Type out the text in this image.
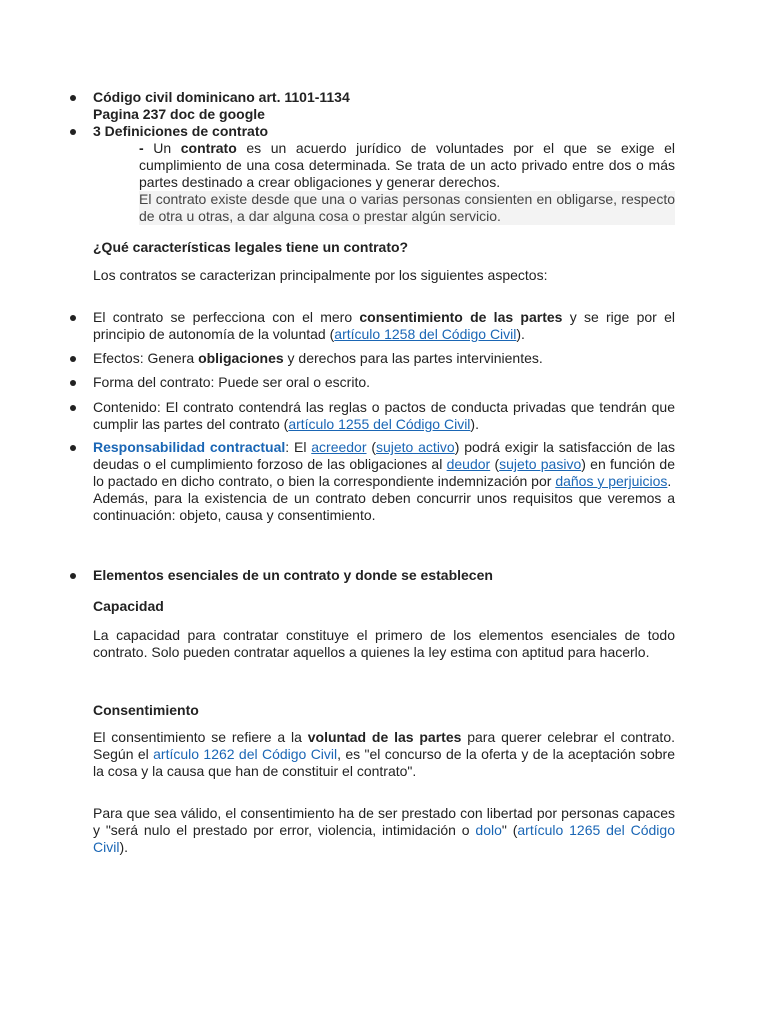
Código civil dominicano art. 1101-1134

Pagina 237 doc de google

3 Definiciones de contrato

- Un contrato es un acuerdo jurídico de voluntades por el que se exige el cumplimiento de una cosa determinada. Se trata de un acto privado entre dos o más partes destinado a crear obligaciones y generar derechos.

El contrato existe desde que una o varias personas consienten en obligarse, respecto de otra u otras, a dar alguna cosa o prestar algún servicio.

¿Qué características legales tiene un contrato?
Los contratos se caracterizan principalmente por los siguientes aspectos:
El contrato se perfecciona con el mero consentimiento de las partes y se rige por el principio de autonomía de la voluntad (artículo 1258 del Código Civil).
Efectos: Genera obligaciones y derechos para las partes intervinientes.
Forma del contrato: Puede ser oral o escrito.
Contenido: El contrato contendrá las reglas o pactos de conducta privadas que tendrán que cumplir las partes del contrato (artículo 1255 del Código Civil).

Responsabilidad contractual: El acreedor (sujeto activo) podrá exigir la satisfacción de las deudas o el cumplimiento forzoso de las obligaciones al deudor (sujeto pasivo) en función de lo pactado en dicho contrato, o bien la correspondiente indemnización por daños y perjuicios.

Además, para la existencia de un contrato deben concurrir unos requisitos que veremos a continuación: objeto, causa y consentimiento.

Elementos esenciales de un contrato y donde se establecen
Capacidad
La capacidad para contratar constituye el primero de los elementos esenciales de todo contrato. Solo pueden contratar aquellos a quienes la ley estima con aptitud para hacerlo.
Consentimiento
El consentimiento se refiere a la voluntad de las partes para querer celebrar el contrato. Según el artículo 1262 del Código Civil, es "el concurso de la oferta y de la aceptación sobre la cosa y la causa que han de constituir el contrato".
Para que sea válido, el consentimiento ha de ser prestado con libertad por personas capaces y "será nulo el prestado por error, violencia, intimidación o dolo" (artículo 1265 del Código Civil).
